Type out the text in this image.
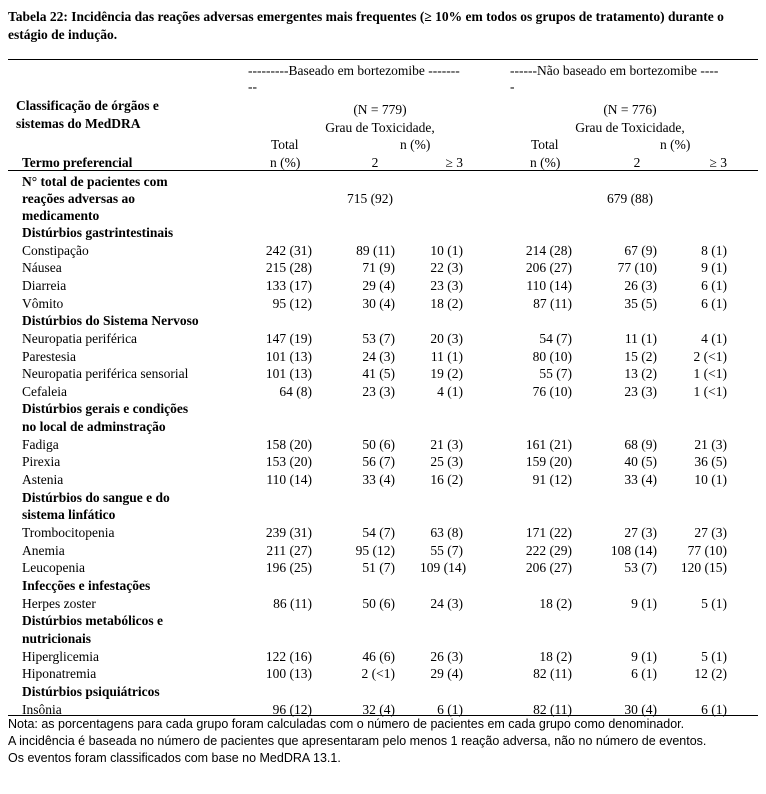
Tabela 22: Incidência das reações adversas emergentes mais frequentes (≥ 10% em todos os grupos de tratamento) durante o estágio de indução.
---------Baseado em bortezomibe -------
--
------Não baseado em bortezomibe ----
-
Classificação de órgãos e
sistemas do MedDRA
(N = 779)	(N = 776)
Grau de Toxicidade,	Grau de Toxicidade,
Total	n (%)	Total	n (%)
Termo preferencial	n (%)	2	≥ 3	n (%)	2	≥ 3
N° total de pacientes com
reações adversas ao
medicamento
715 (92)	679 (88)
Distúrbios gastrintestinais
Constipação	242 (31)	89 (11)	10 (1)	214 (28)	67 (9)	8 (1)
Náusea	215 (28)	71 (9)	22 (3)	206 (27)	77 (10)	9 (1)
Diarreia	133 (17)	29 (4)	23 (3)	110 (14)	26 (3)	6 (1)
Vômito	95 (12)	30 (4)	18 (2)	87 (11)	35 (5)	6 (1)
Distúrbios do Sistema Nervoso
Neuropatia periférica	147 (19)	53 (7)	20 (3)	54 (7)	11 (1)	4 (1)
Parestesia	101 (13)	24 (3)	11 (1)	80 (10)	15 (2)	2 (<1)
Neuropatia periférica sensorial	101 (13)	41 (5)	19 (2)	55 (7)	13 (2)	1 (<1)
Cefaleia	64 (8)	23 (3)	4 (1)	76 (10)	23 (3)	1 (<1)
Distúrbios gerais e condições
no local de adminstração
Fadiga	158 (20)	50 (6)	21 (3)	161 (21)	68 (9)	21 (3)
Pirexia	153 (20)	56 (7)	25 (3)	159 (20)	40 (5)	36 (5)
Astenia	110 (14)	33 (4)	16 (2)	91 (12)	33 (4)	10 (1)
Distúrbios do sangue e do
sistema linfático
Trombocitopenia	239 (31)	54 (7)	63 (8)	171 (22)	27 (3)	27 (3)
Anemia	211 (27)	95 (12)	55 (7)	222 (29)	108 (14)	77 (10)
Leucopenia	196 (25)	51 (7) 109 (14)	206 (27)	53 (7) 120 (15)
Infecções e infestações
Herpes zoster	86 (11)	50 (6)	24 (3)	18 (2)	9 (1)	5 (1)
Distúrbios metabólicos e
nutricionais
Hiperglicemia	122 (16)	46 (6)	26 (3)	18 (2)	9 (1)	5 (1)
Hiponatremia	100 (13)	2 (<1)	29 (4)	82 (11)	6 (1)	12 (2)
Distúrbios psiquiátricos
Insônia	96 (12)	32 (4)	6 (1)	82 (11)	30 (4)	6 (1)
Nota: as porcentagens para cada grupo foram calculadas com o número de pacientes em cada grupo como denominador.
A incidência é baseada no número de pacientes que apresentaram pelo menos 1 reação adversa, não no número de eventos.
Os eventos foram classificados com base no MedDRA 13.1.
